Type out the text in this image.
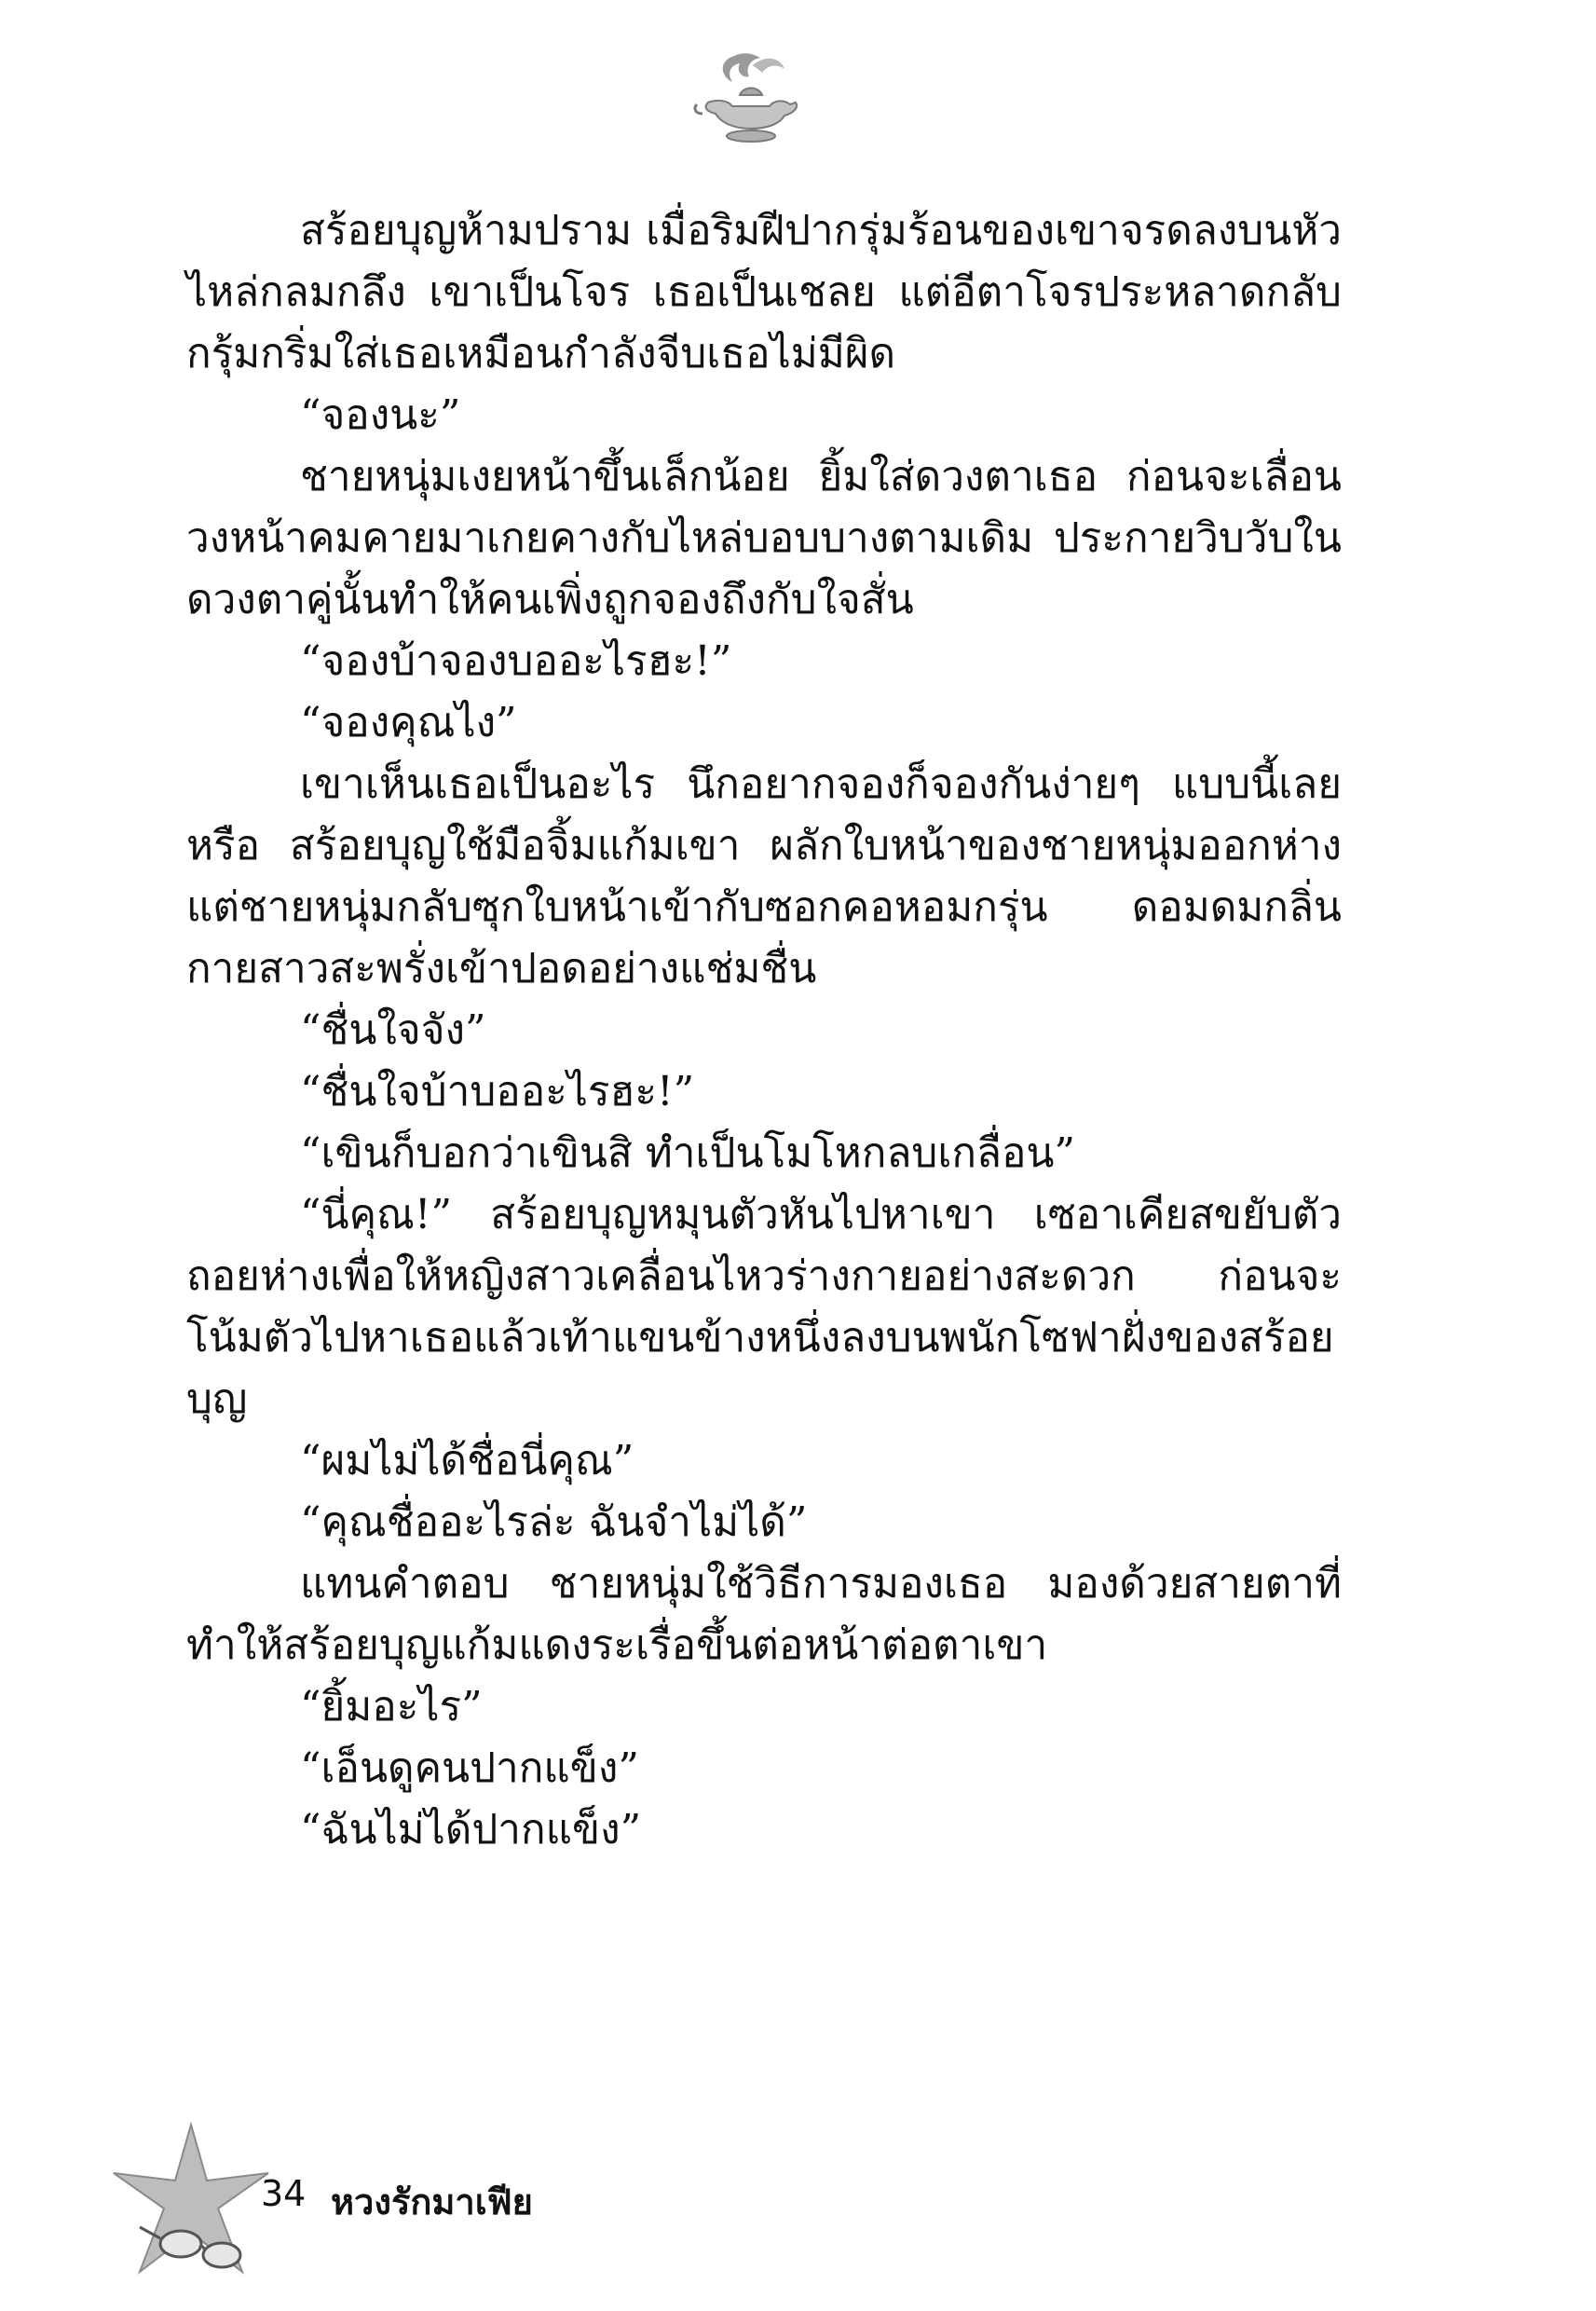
สร้อยบุญห้ามปราม เมื่อริมฝีปากรุ่มร้อนของเขาจรดลงบนหัวไหล่กลมกลึง เขาเป็นโจร เธอเป็นเชลย แต่อีตาโจรประหลาดกลับกรุ้มกริ่มใส่เธอเหมือนกำลังจีบเธอไม่มีผิด

“จองนะ”

ชายหนุ่มเงยหน้าขึ้นเล็กน้อย ยิ้มใส่ดวงตาเธอ ก่อนจะเลื่อนวงหน้าคมคายมาเกยคางกับไหล่บอบบางตามเดิม ประกายวิบวับในดวงตาคู่นั้นทำให้คนเพิ่งถูกจองถึงกับใจสั่น

“จองบ้าจองบออะไรฮะ!”

“จองคุณไง”

เขาเห็นเธอเป็นอะไร นึกอยากจองก็จองกันง่ายๆ แบบนี้เลยหรือ สร้อยบุญใช้มือจิ้มแก้มเขา ผลักใบหน้าของชายหนุ่มออกห่าง แต่ชายหนุ่มกลับซุกใบหน้าเข้ากับซอกคอหอมกรุ่น ดอมดมกลิ่นกายสาวสะพรั่งเข้าปอดอย่างแช่มชื่น

“ชื่นใจจัง”

“ชื่นใจบ้าบออะไรฮะ!”

“เขินก็บอกว่าเขินสิ ทำเป็นโมโหกลบเกลื่อน”

“นี่คุณ!” สร้อยบุญหมุนตัวหันไปหาเขา เซอาเคียสขยับตัวถอยห่างเพื่อให้หญิงสาวเคลื่อนไหวร่างกายอย่างสะดวก ก่อนจะโน้มตัวไปหาเธอแล้วเท้าแขนข้างหนึ่งลงบนพนักโซฟาฝั่งของสร้อยบุญ

“ผมไม่ได้ชื่อนี่คุณ”

“คุณชื่ออะไรล่ะ ฉันจำไม่ได้”

แทนคำตอบ ชายหนุ่มใช้วิธีการมองเธอ มองด้วยสายตาที่ทำให้สร้อยบุญแก้มแดงระเรื่อขึ้นต่อหน้าต่อตาเขา

“ยิ้มอะไร”

“เอ็นดูคนปากแข็ง”

“ฉันไม่ได้ปากแข็ง”

34 หวงรักมาเฟีย
